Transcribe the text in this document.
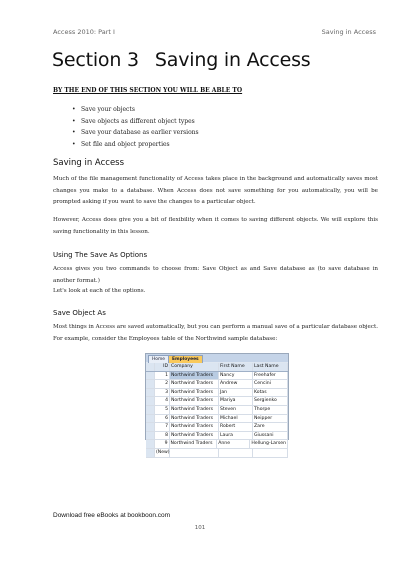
Access 2010: Part I	Saving in Access
Section 3 Saving in Access
BY THE END OF THIS SECTION YOU WILL BE ABLE TO
• Save your objects
• Save objects as different object types
• Save your database as earlier versions
• Set file and object properties
Saving in Access
Much of the file management functionality of Access takes place in the background and automatically saves most changes you make to a database. When Access does not save something for you automatically, you will be prompted asking if you want to save the changes to a particular object.
However, Access does give you a bit of flexibility when it comes to saving different objects. We will explore this saving functionality in this lesson.
Using The Save As Options
Access gives you two commands to choose from: Save Object as and Save database as (to save database in another format.)
Let's look at each of the options.
Save Object As
Most things in Access are saved automatically, but you can perform a manual save of a particular database object. For example, consider the Employees table of the Northwind sample database:
Home	Employees
ID Company	First Name	Last Name
1 Northwind Traders	Nancy	Freehafer
2 Northwind Traders	Andrew	Cencini
3 Northwind Traders	Jan	Kotas
4 Northwind Traders	Mariya	Sergienko
5 Northwind Traders	Steven	Thorpe
6 Northwind Traders	Michael	Neipper
7 Northwind Traders	Robert	Zare
8 Northwind Traders	Laura	Giussani
9 Northwind Traders	Anne	Hellung-Larsen
(New)
Download free eBooks at bookboon.com
101
